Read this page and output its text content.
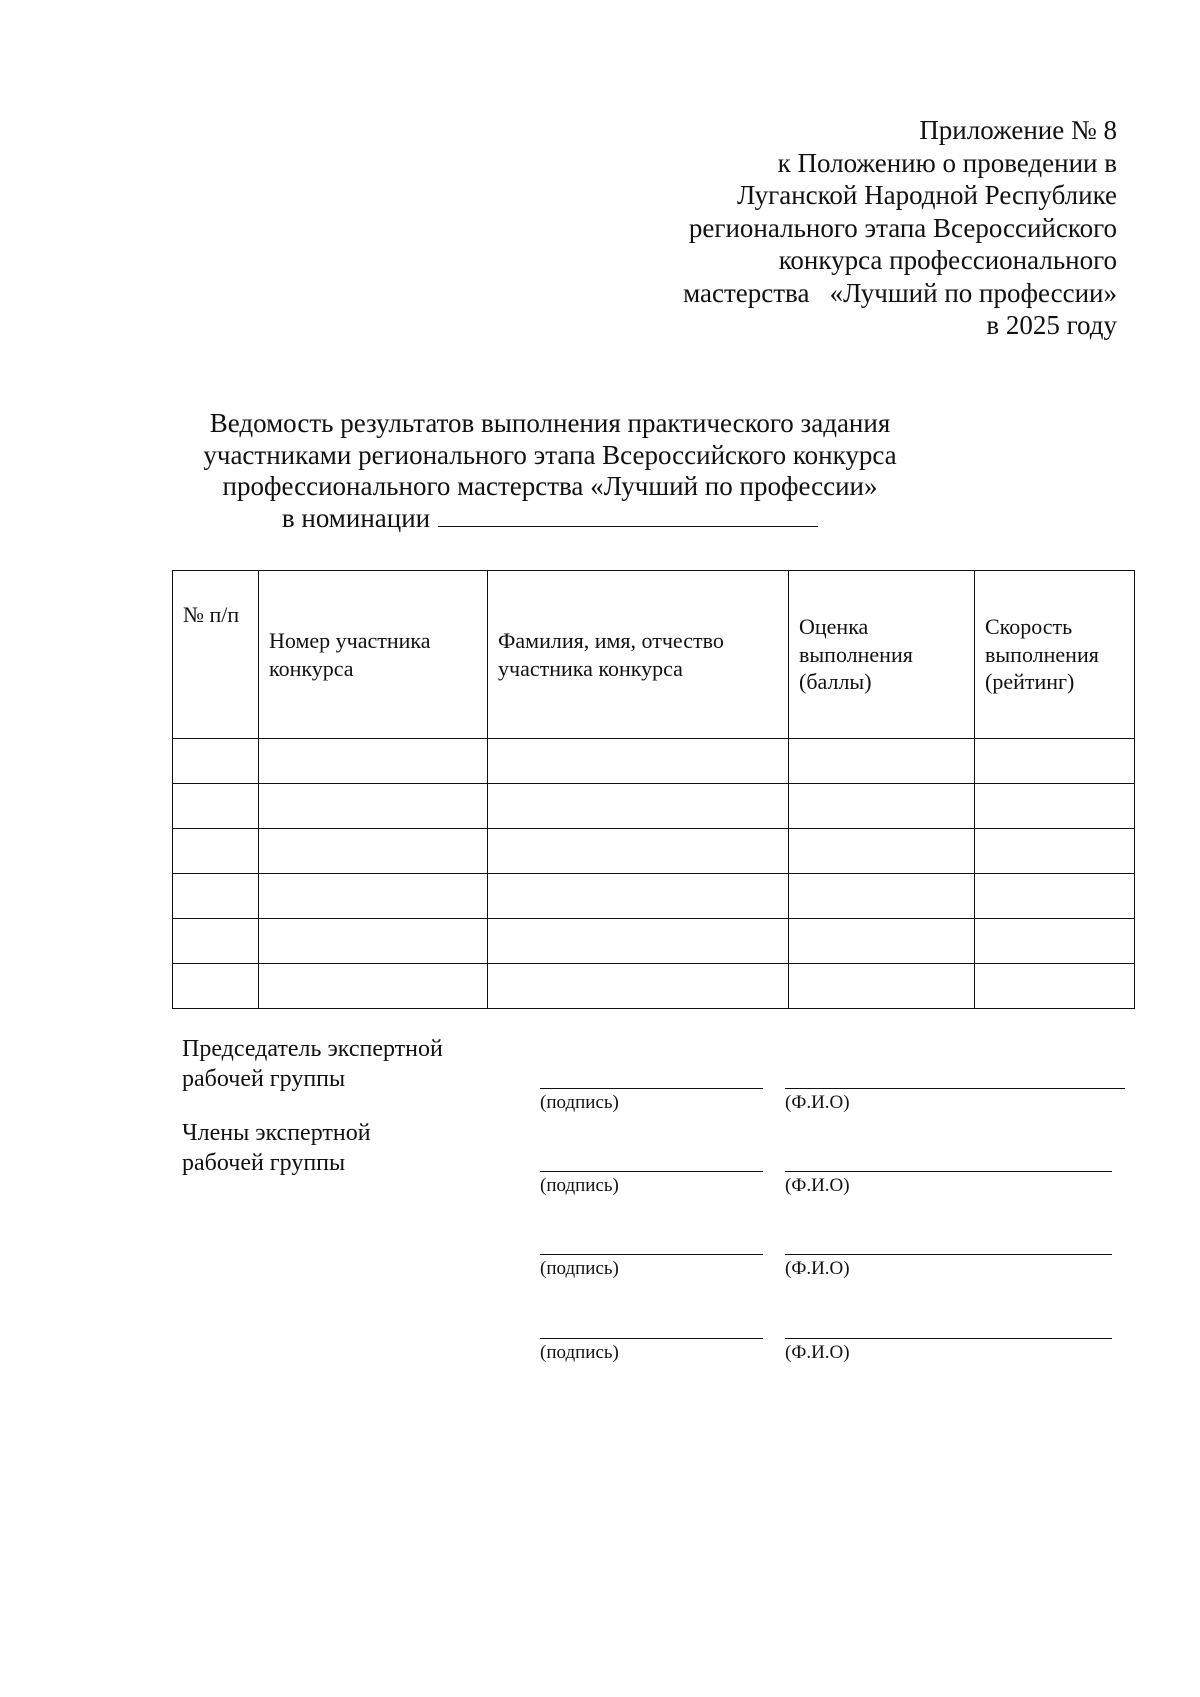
Приложение № 8
к Положению о проведении в
Луганской Народной Республике
регионального этапа Всероссийского
конкурса профессионального
мастерства   «Лучший по профессии»
в 2025 году
Ведомость результатов выполнения практического задания
участниками регионального этапа Всероссийского конкурса
профессионального мастерства «Лучший по профессии»
в номинации
№ п/п	Номер участника конкурса	Фамилия, имя, отчество участника конкурса	Оценка выполнения (баллы)	Скорость выполнения (рейтинг)

Председатель экспертной
рабочей группы
Члены экспертной
рабочей группы
(подпись)	(Ф.И.О)
(подпись)	(Ф.И.О)
(подпись)	(Ф.И.О)
(подпись)	(Ф.И.О)
